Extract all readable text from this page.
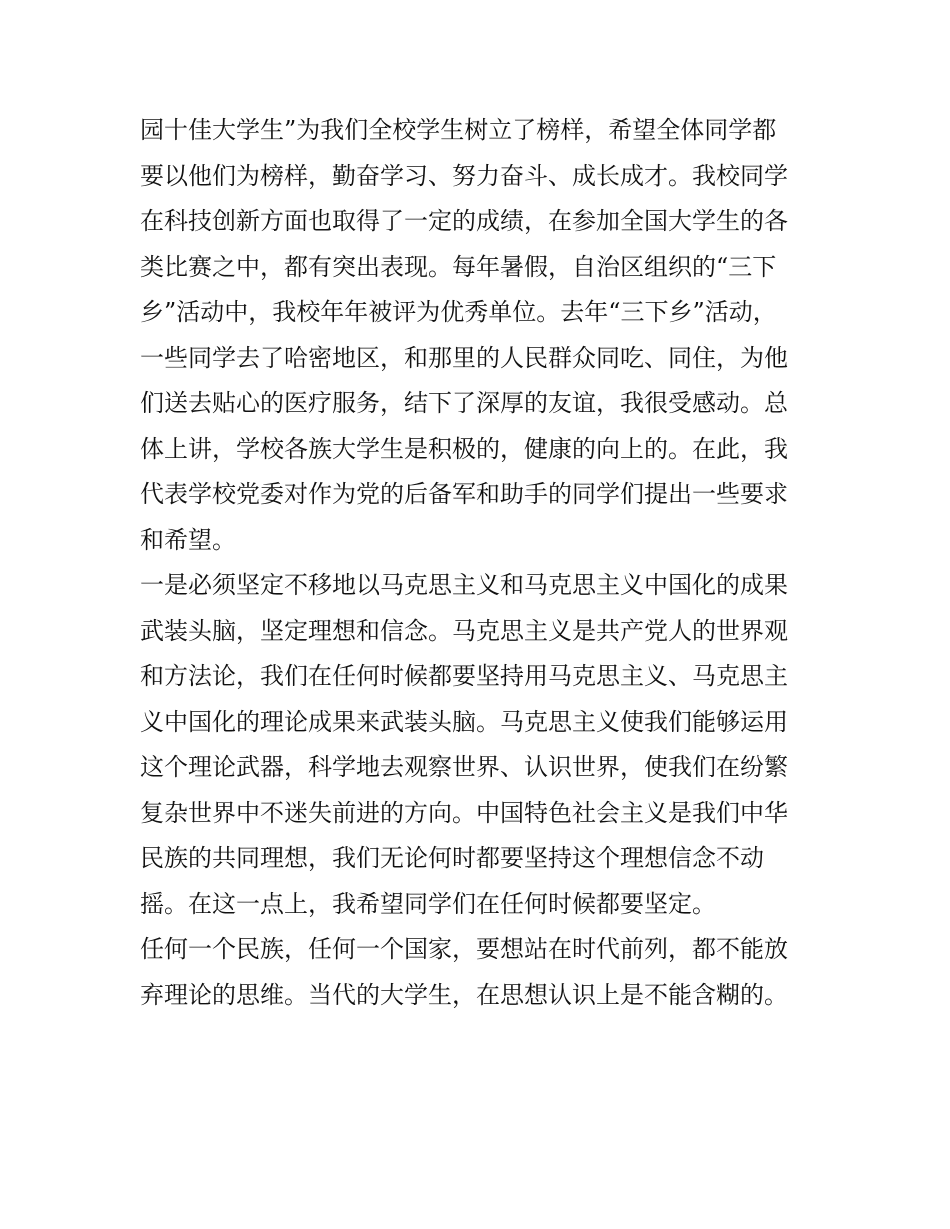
园十佳大学生”为我们全校学生树立了榜样，希望全体同学都
要以他们为榜样，勤奋学习、努力奋斗、成长成才。我校同学
在科技创新方面也取得了一定的成绩，在参加全国大学生的各
类比赛之中，都有突出表现。每年暑假，自治区组织的“三下
乡”活动中，我校年年被评为优秀单位。去年“三下乡”活动，
一些同学去了哈密地区，和那里的人民群众同吃、同住，为他
们送去贴心的医疗服务，结下了深厚的友谊，我很受感动。总
体上讲，学校各族大学生是积极的，健康的向上的。在此，我
代表学校党委对作为党的后备军和助手的同学们提出一些要求
和希望。
一是必须坚定不移地以马克思主义和马克思主义中国化的成果
武装头脑，坚定理想和信念。马克思主义是共产党人的世界观
和方法论，我们在任何时候都要坚持用马克思主义、马克思主
义中国化的理论成果来武装头脑。马克思主义使我们能够运用
这个理论武器，科学地去观察世界、认识世界，使我们在纷繁
复杂世界中不迷失前进的方向。中国特色社会主义是我们中华
民族的共同理想，我们无论何时都要坚持这个理想信念不动
摇。在这一点上，我希望同学们在任何时候都要坚定。
任何一个民族，任何一个国家，要想站在时代前列，都不能放
弃理论的思维。当代的大学生，在思想认识上是不能含糊的。
